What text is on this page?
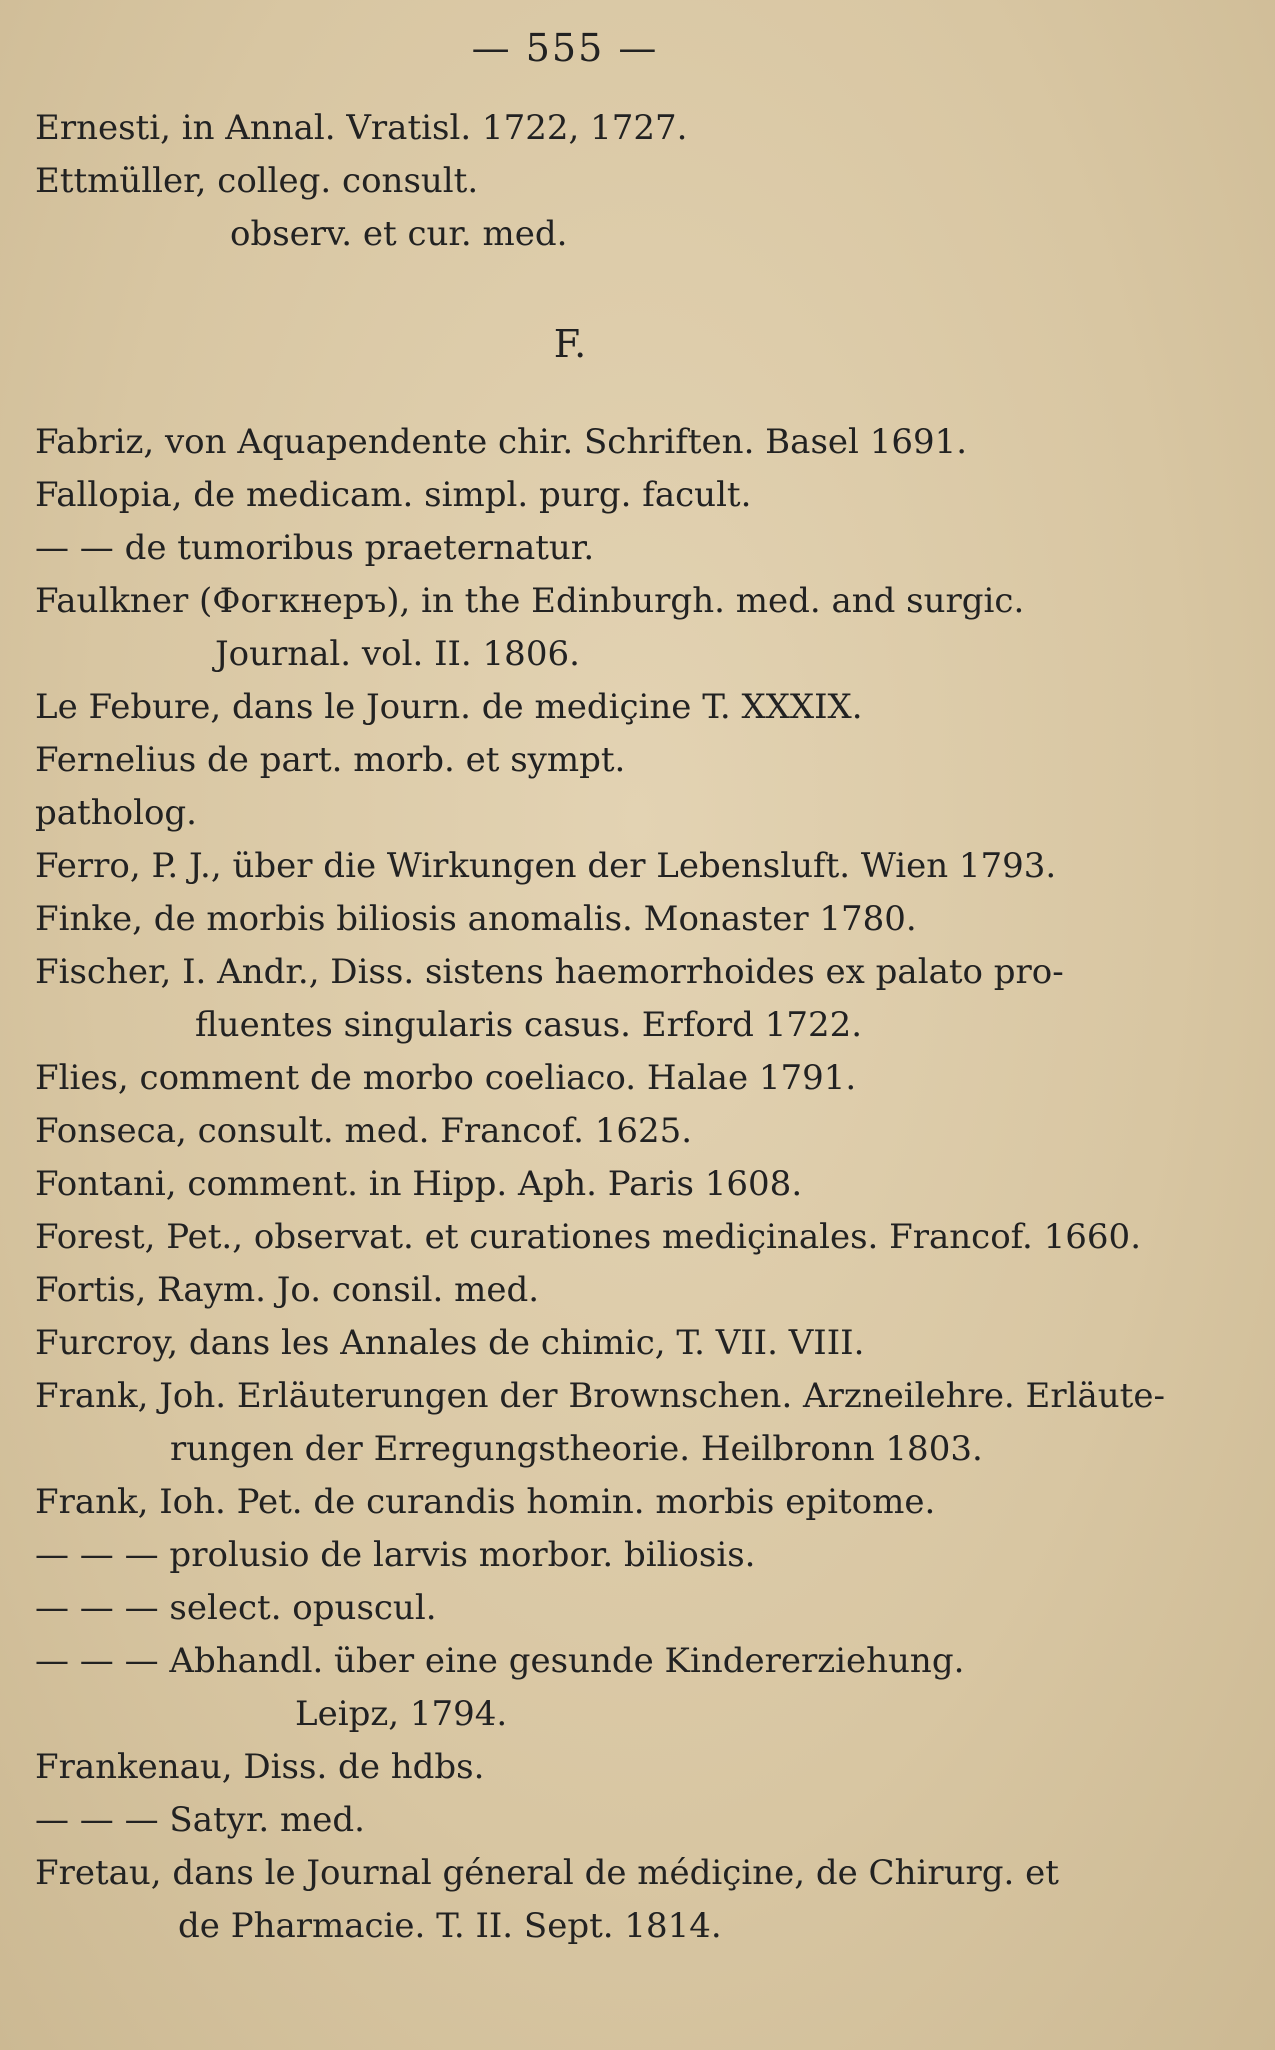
— 555 —
Ernesti, in Annal. Vratisl. 1722, 1727.
Ettmüller, colleg. consult.
observ. et cur. med.
F.
Fabriz, von Aquapendente chir. Schriften. Basel 1691.
Fallopia, de medicam. simpl. purg. facult.
— — de tumoribus praeternatur.
Faulkner (Фогкнеръ), in the Edinburgh. med. and surgic.
Journal. vol. II. 1806.
Le Febure, dans le Journ. de mediçine T. XXXIX.
Fernelius de part. morb. et sympt.
patholog.
Ferro, P. J., über die Wirkungen der Lebensluft. Wien 1793.
Finke, de morbis biliosis anomalis. Monaster 1780.
Fischer, I. Andr., Diss. sistens haemorrhoides ex palato pro-
fluentes singularis casus. Erford 1722.
Flies, comment de morbo coeliaco. Halae 1791.
Fonseca, consult. med. Francof. 1625.
Fontani, comment. in Hipp. Aph. Paris 1608.
Forest, Pet., observat. et curationes mediçinales. Francof. 1660.
Fortis, Raym. Jo. consil. med.
Furcroy, dans les Annales de chimic, T. VII. VIII.
Frank, Joh. Erläuterungen der Brownschen. Arzneilehre. Erläute-
rungen der Erregungstheorie. Heilbronn 1803.
Frank, Ioh. Pet. de curandis homin. morbis epitome.
— — — prolusio de larvis morbor. biliosis.
— — — select. opuscul.
— — — Abhandl. über eine gesunde Kindererziehung.
Leipz, 1794.
Frankenau, Diss. de hdbs.
— — — Satyr. med.
Fretau, dans le Journal géneral de médiçine, de Chirurg. et
de Pharmacie. T. II. Sept. 1814.
